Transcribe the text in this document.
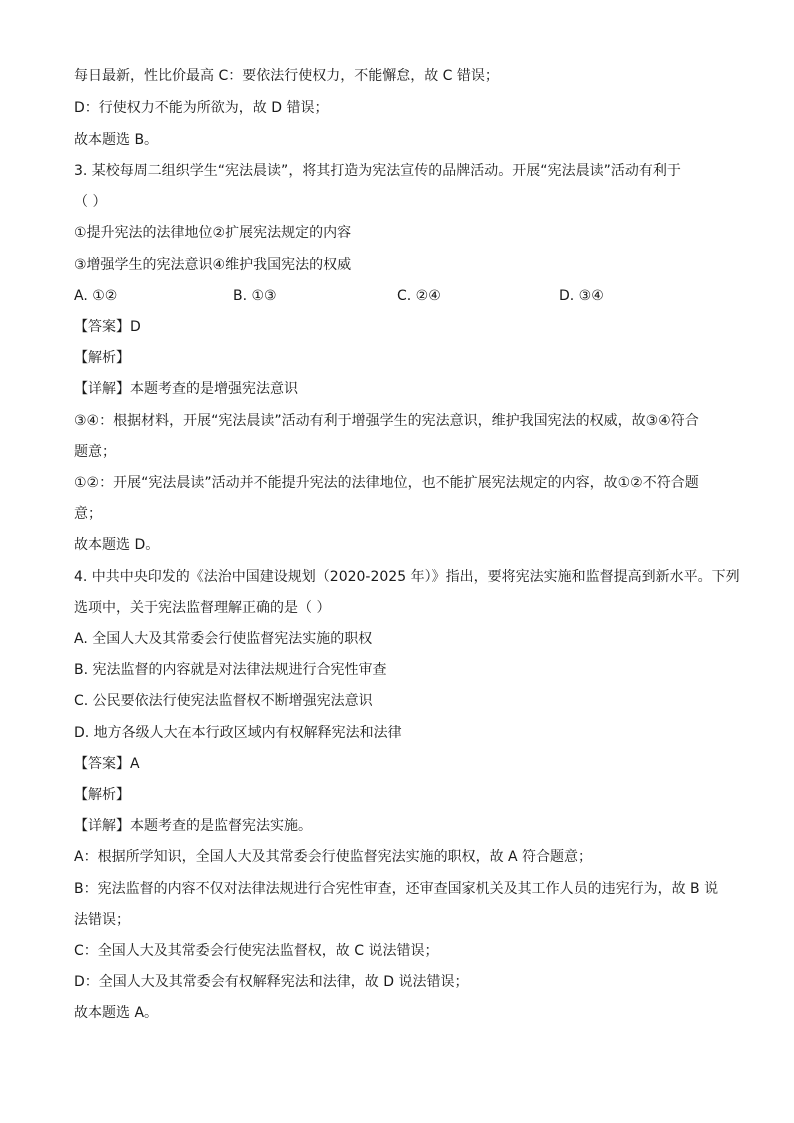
每日最新，性比价最高 C：要依法行使权力，不能懈怠，故 C 错误；
D：行使权力不能为所欲为，故 D 错误；
故本题选 B。
3. 某校每周二组织学生“宪法晨读”，将其打造为宪法宣传的品牌活动。开展“宪法晨读”活动有利于
（ ）
①提升宪法的法律地位②扩展宪法规定的内容
③增强学生的宪法意识④维护我国宪法的权威
A. ①②	B. ①③	C. ②④	D. ③④
【答案】D
【解析】
【详解】本题考查的是增强宪法意识
③④：根据材料，开展“宪法晨读”活动有利于增强学生的宪法意识，维护我国宪法的权威，故③④符合
题意；
①②：开展“宪法晨读”活动并不能提升宪法的法律地位，也不能扩展宪法规定的内容，故①②不符合题
意；
故本题选 D。
4. 中共中央印发的《法治中国建设规划（2020-2025 年）》指出，要将宪法实施和监督提高到新水平。下列
选项中，关于宪法监督理解正确的是（ ）
A. 全国人大及其常委会行使监督宪法实施的职权
B. 宪法监督的内容就是对法律法规进行合宪性审查
C. 公民要依法行使宪法监督权不断增强宪法意识
D. 地方各级人大在本行政区域内有权解释宪法和法律
【答案】A
【解析】
【详解】本题考查的是监督宪法实施。
A：根据所学知识，全国人大及其常委会行使监督宪法实施的职权，故 A 符合题意；
B：宪法监督的内容不仅对法律法规进行合宪性审查，还审查国家机关及其工作人员的违宪行为，故 B 说
法错误；
C：全国人大及其常委会行使宪法监督权，故 C 说法错误；
D：全国人大及其常委会有权解释宪法和法律，故 D 说法错误；
故本题选 A。
